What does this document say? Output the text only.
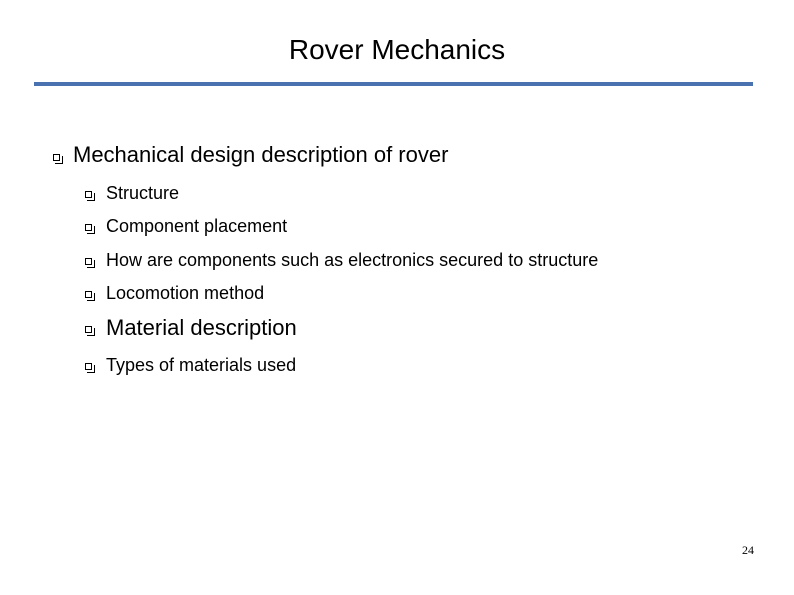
Rover Mechanics
Mechanical design description of rover
Structure
Component placement
How are components such as electronics secured to structure
Locomotion method
Material description
Types of materials used
24
